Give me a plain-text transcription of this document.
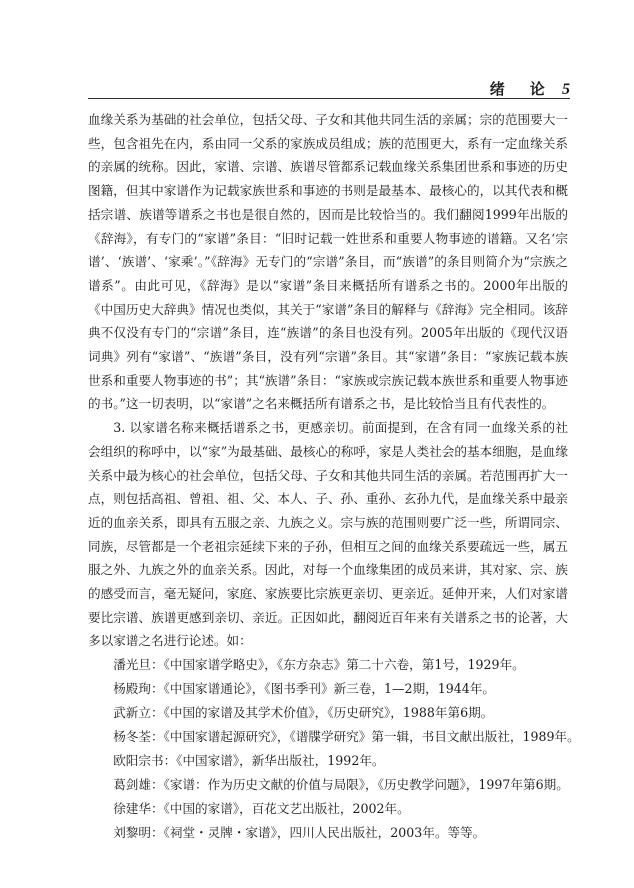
绪　论 5

血缘关系为基础的社会单位，包括父母、子女和其他共同生活的亲属；宗的范围要大一些，包含祖先在内，系由同一父系的家族成员组成；族的范围更大，系有一定血缘关系的亲属的统称。因此，家谱、宗谱、族谱尽管都系记载血缘关系集团世系和事迹的历史图籍，但其中家谱作为记载家族世系和事迹的书则是最基本、最核心的，以其代表和概括宗谱、族谱等谱系之书也是很自然的，因而是比较恰当的。我们翻阅1999年出版的《辞海》，有专门的“家谱”条目：“旧时记载一姓世系和重要人物事迹的谱籍。又名‘宗谱’、‘族谱’、‘家乘’。”《辞海》无专门的“宗谱”条目，而“族谱”的条目则简介为“宗族之谱系”。由此可见，《辞海》是以“家谱”条目来概括所有谱系之书的。2000年出版的《中国历史大辞典》情况也类似，其关于“家谱”条目的解释与《辞海》完全相同。该辞典不仅没有专门的“宗谱”条目，连“族谱”的条目也没有列。2005年出版的《现代汉语词典》列有“家谱”、“族谱”条目，没有列“宗谱”条目。其“家谱”条目：“家族记载本族世系和重要人物事迹的书”；其“族谱”条目：“家族或宗族记载本族世系和重要人物事迹的书。”这一切表明，以“家谱”之名来概括所有谱系之书，是比较恰当且有代表性的。

3. 以家谱名称来概括谱系之书，更感亲切。前面提到，在含有同一血缘关系的社会组织的称呼中，以“家”为最基础、最核心的称呼，家是人类社会的基本细胞，是血缘关系中最为核心的社会单位，包括父母、子女和其他共同生活的亲属。若范围再扩大一点，则包括高祖、曾祖、祖、父、本人、子、孙、重孙、玄孙九代，是血缘关系中最亲近的血亲关系，即具有五服之亲、九族之义。宗与族的范围则要广泛一些，所谓同宗、同族，尽管都是一个老祖宗延续下来的子孙，但相互之间的血缘关系要疏远一些，属五服之外、九族之外的血亲关系。因此，对每一个血缘集团的成员来讲，其对家、宗、族的感受而言，毫无疑问，家庭、家族要比宗族更亲切、更亲近。延伸开来，人们对家谱要比宗谱、族谱更感到亲切、亲近。正因如此，翻阅近百年来有关谱系之书的论著，大多以家谱之名进行论述。如：

潘光旦：《中国家谱学略史》，《东方杂志》第二十六卷，第1号，1929年。
杨殿珣：《中国家谱通论》，《图书季刊》新三卷，1—2期，1944年。
武新立：《中国的家谱及其学术价值》，《历史研究》，1988年第6期。
杨冬荃：《中国家谱起源研究》，《谱牒学研究》第一辑，书目文献出版社，1989年。
欧阳宗书：《中国家谱》，新华出版社，1992年。
葛剑雄：《家谱：作为历史文献的价值与局限》，《历史教学问题》，1997年第6期。
徐建华：《中国的家谱》，百花文艺出版社，2002年。
刘黎明：《祠堂・灵牌・家谱》，四川人民出版社，2003年。等等。
